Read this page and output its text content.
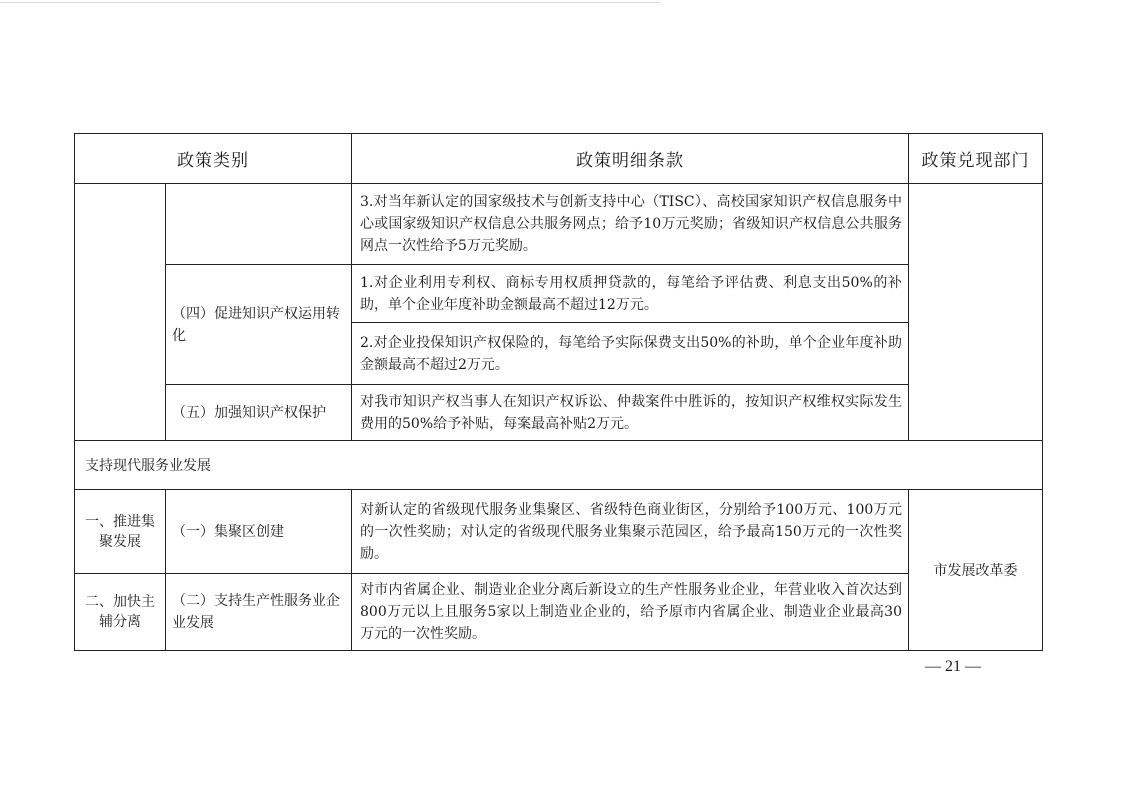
政策类别		政策明细条款	政策兑现部门
		3.对当年新认定的国家级技术与创新支持中心（TISC）、高校国家知识产权信息服务中心或国家级知识产权信息公共服务网点；给予10万元奖励；省级知识产权信息公共服务网点一次性给予5万元奖励。	
	（四）促进知识产权运用转化	1.对企业利用专利权、商标专用权质押贷款的，每笔给予评估费、利息支出50%的补助，单个企业年度补助金额最高不超过12万元。	
		2.对企业投保知识产权保险的，每笔给予实际保费支出50%的补助，单个企业年度补助金额最高不超过2万元。	
	（五）加强知识产权保护	对我市知识产权当事人在知识产权诉讼、仲裁案件中胜诉的，按知识产权维权实际发生费用的50%给予补贴，每案最高补贴2万元。	
支持现代服务业发展			
一、推进集聚发展	（一）集聚区创建	对新认定的省级现代服务业集聚区、省级特色商业街区，分别给予100万元、100万元的一次性奖励；对认定的省级现代服务业集聚示范园区，给予最高150万元的一次性奖励。	市发展改革委
二、加快主辅分离	（二）支持生产性服务业企业发展	对市内省属企业、制造业企业分离后新设立的生产性服务业企业，年营业收入首次达到800万元以上且服务5家以上制造业企业的，给予原市内省属企业、制造业企业最高30万元的一次性奖励。	
— 21 —
